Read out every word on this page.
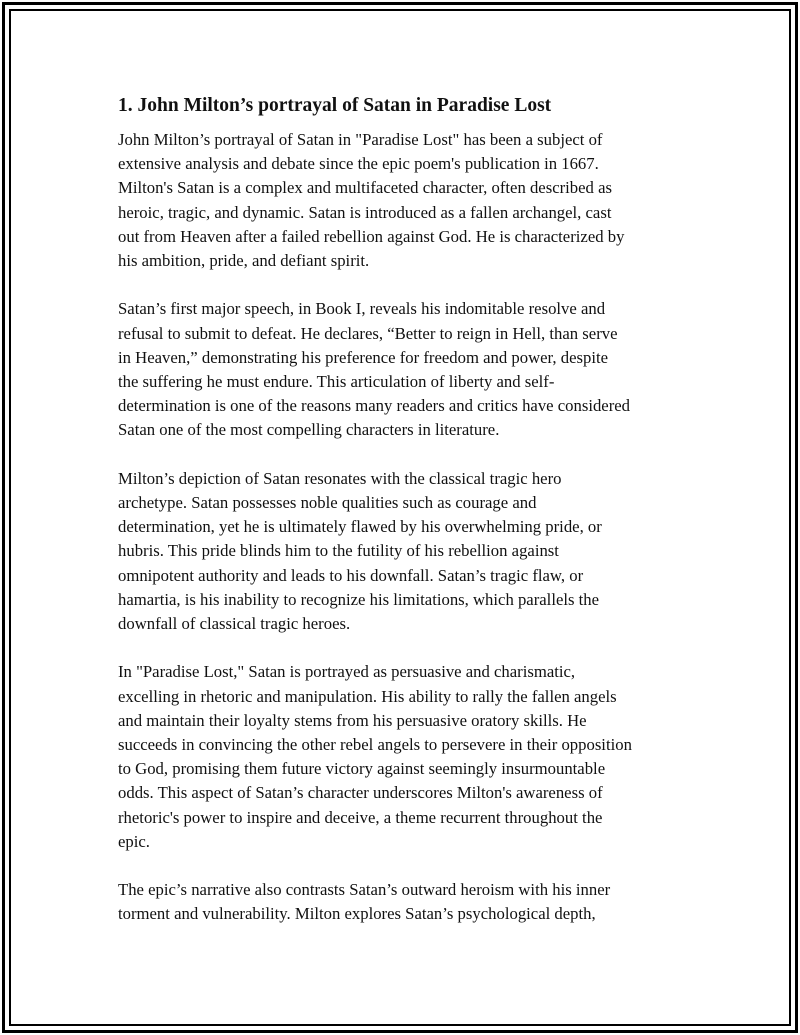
1. John Milton’s portrayal of Satan in Paradise Lost

John Milton’s portrayal of Satan in "Paradise Lost" has been a subject of
extensive analysis and debate since the epic poem's publication in 1667.
Milton's Satan is a complex and multifaceted character, often described as
heroic, tragic, and dynamic. Satan is introduced as a fallen archangel, cast
out from Heaven after a failed rebellion against God. He is characterized by
his ambition, pride, and defiant spirit.

Satan’s first major speech, in Book I, reveals his indomitable resolve and
refusal to submit to defeat. He declares, “Better to reign in Hell, than serve
in Heaven,” demonstrating his preference for freedom and power, despite
the suffering he must endure. This articulation of liberty and self-
determination is one of the reasons many readers and critics have considered
Satan one of the most compelling characters in literature.

Milton’s depiction of Satan resonates with the classical tragic hero
archetype. Satan possesses noble qualities such as courage and
determination, yet he is ultimately flawed by his overwhelming pride, or
hubris. This pride blinds him to the futility of his rebellion against
omnipotent authority and leads to his downfall. Satan’s tragic flaw, or
hamartia, is his inability to recognize his limitations, which parallels the
downfall of classical tragic heroes.

In "Paradise Lost," Satan is portrayed as persuasive and charismatic,
excelling in rhetoric and manipulation. His ability to rally the fallen angels
and maintain their loyalty stems from his persuasive oratory skills. He
succeeds in convincing the other rebel angels to persevere in their opposition
to God, promising them future victory against seemingly insurmountable
odds. This aspect of Satan’s character underscores Milton's awareness of
rhetoric's power to inspire and deceive, a theme recurrent throughout the
epic.

The epic’s narrative also contrasts Satan’s outward heroism with his inner
torment and vulnerability. Milton explores Satan’s psychological depth,
